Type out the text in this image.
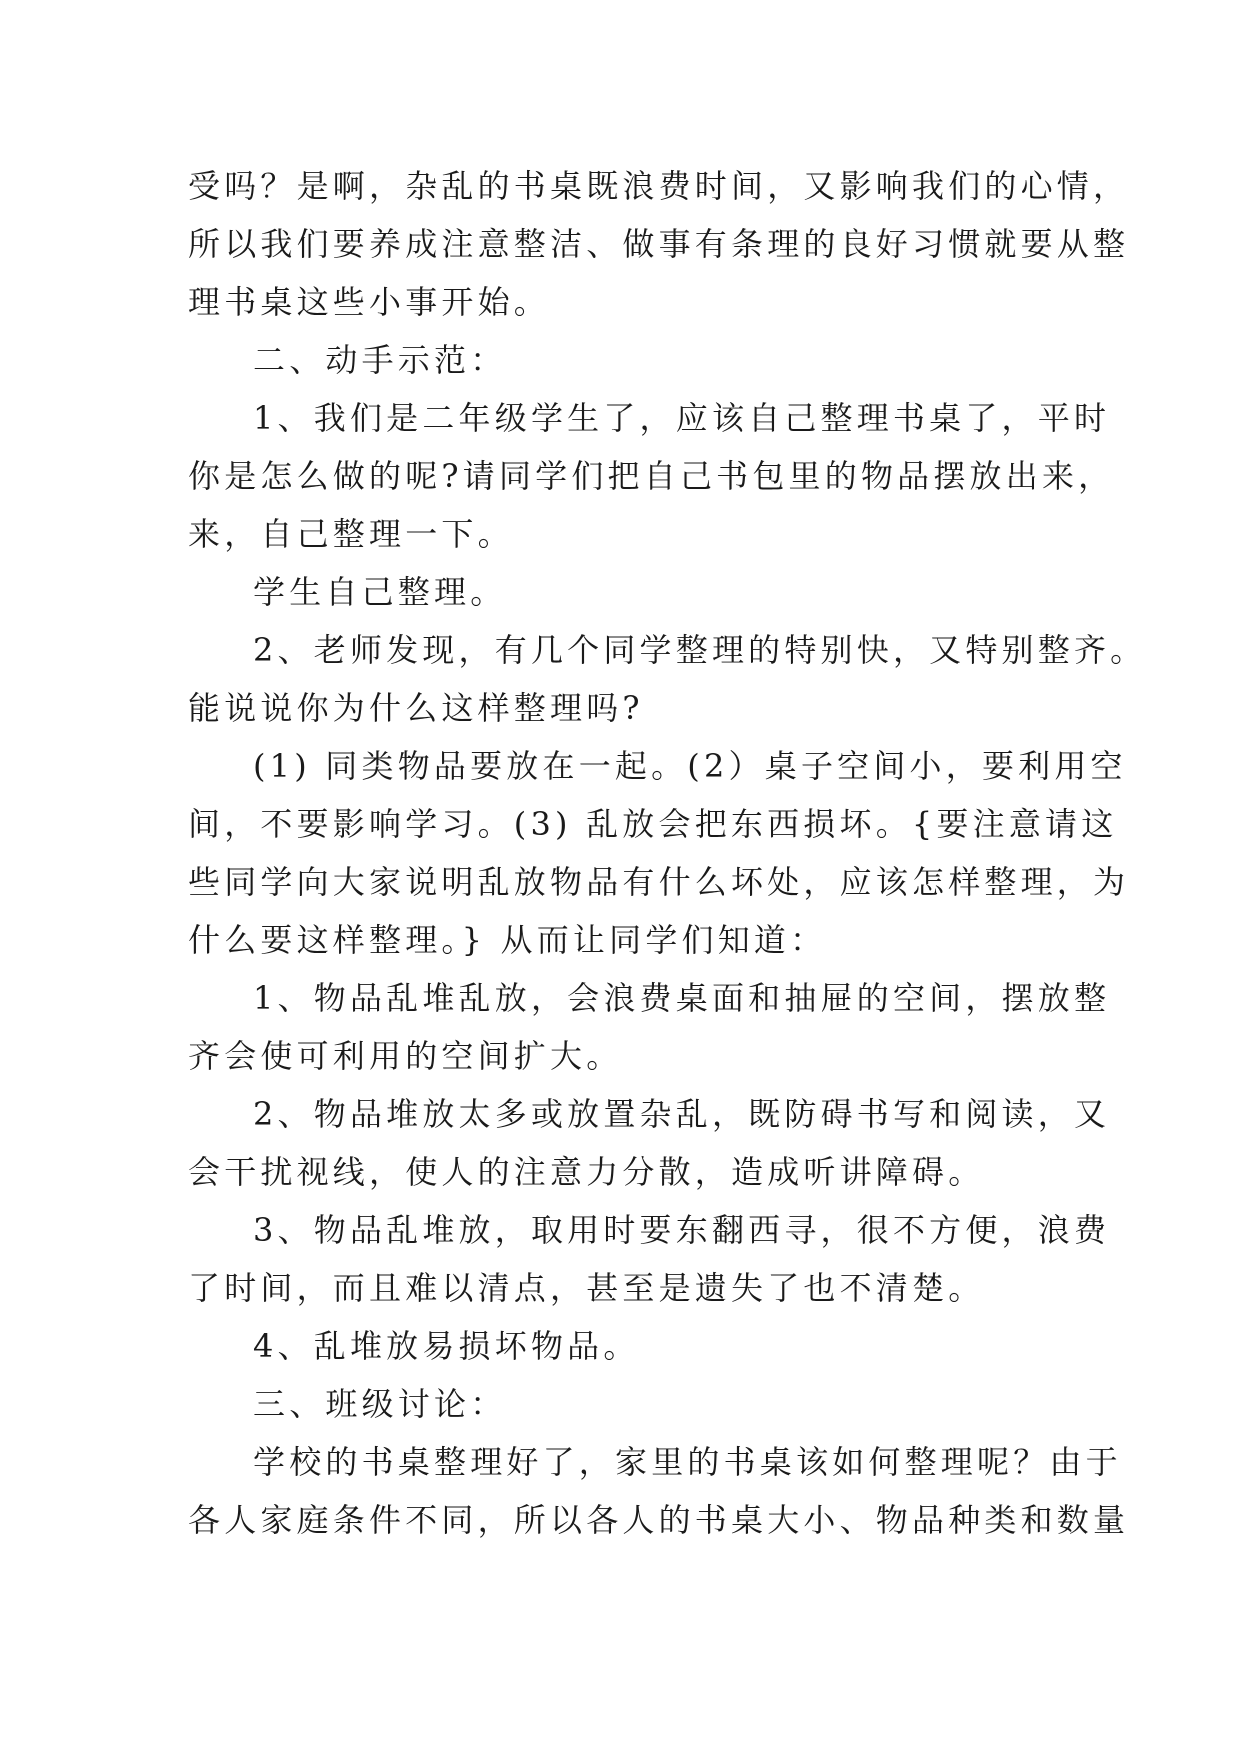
受吗？是啊，杂乱的书桌既浪费时间，又影响我们的心情，
所以我们要养成注意整洁、做事有条理的良好习惯就要从整
理书桌这些小事开始。
二、动手示范：
1、我们是二年级学生了，应该自己整理书桌了，平时
你是怎么做的呢?请同学们把自己书包里的物品摆放出来，
来，自己整理一下。
学生自己整理。
2、老师发现，有几个同学整理的特别快，又特别整齐。
能说说你为什么这样整理吗?
(1) 同类物品要放在一起。(2）桌子空间小，要利用空
间，不要影响学习。(3) 乱放会把东西损坏。{要注意请这
些同学向大家说明乱放物品有什么坏处，应该怎样整理，为
什么要这样整理。} 从而让同学们知道：
1、物品乱堆乱放，会浪费桌面和抽屉的空间，摆放整
齐会使可利用的空间扩大。
2、物品堆放太多或放置杂乱，既防碍书写和阅读，又
会干扰视线，使人的注意力分散，造成听讲障碍。
3、物品乱堆放，取用时要东翻西寻，很不方便，浪费
了时间，而且难以清点，甚至是遗失了也不清楚。
4、乱堆放易损坏物品。
三、班级讨论：
学校的书桌整理好了，家里的书桌该如何整理呢？由于
各人家庭条件不同，所以各人的书桌大小、物品种类和数量
